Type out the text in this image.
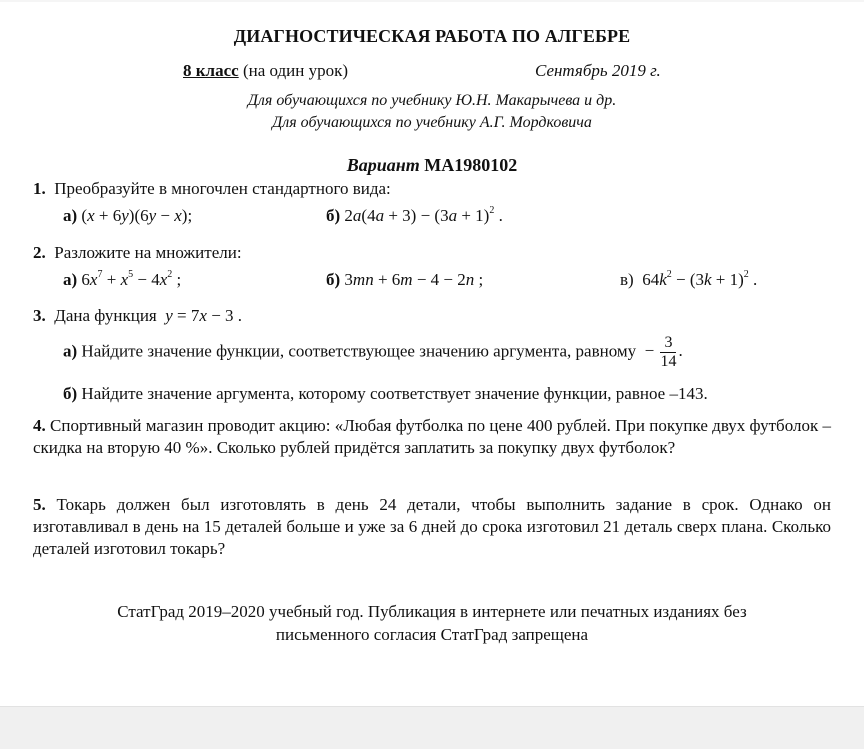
ДИАГНОСТИЧЕСКАЯ РАБОТА ПО АЛГЕБРЕ
8 класс (на один урок)	Сентябрь 2019 г.
Для обучающихся по учебнику Ю.Н. Макарычева и др.
Для обучающихся по учебнику А.Г. Мордковича
Вариант МА1980102
1. Преобразуйте в многочлен стандартного вида:
а) (x + 6y)(6y − x);	б) $2a(4a + 3) - (3a + 1)^2$ .
2. Разложите на множители:
а) $6x^7 + x^5 - 4x^2$ ;	б) 3mn + 6m − 4 − 2n ;	в) $64k^2 - (3k + 1)^2$ .
3. Дана функция y = 7x − 3 .
а) Найдите значение функции, соответствующее значению аргумента, равному  − $\frac{3}{14}$ .
б) Найдите значение аргумента, которому соответствует значение функции, равное –143.
4. Спортивный магазин проводит акцию: «Любая футболка по цене 400 рублей. При покупке двух футболок – скидка на вторую 40 %». Сколько рублей придётся заплатить за покупку двух футболок?
5. Токарь должен был изготовлять в день 24 детали, чтобы выполнить задание в срок. Однако он изготавливал в день на 15 деталей больше и уже за 6 дней до срока изготовил 21 деталь сверх плана. Сколько деталей изготовил токарь?
СтатГрад 2019–2020 учебный год. Публикация в интернете или печатных изданиях без
письменного согласия СтатГрад запрещена
